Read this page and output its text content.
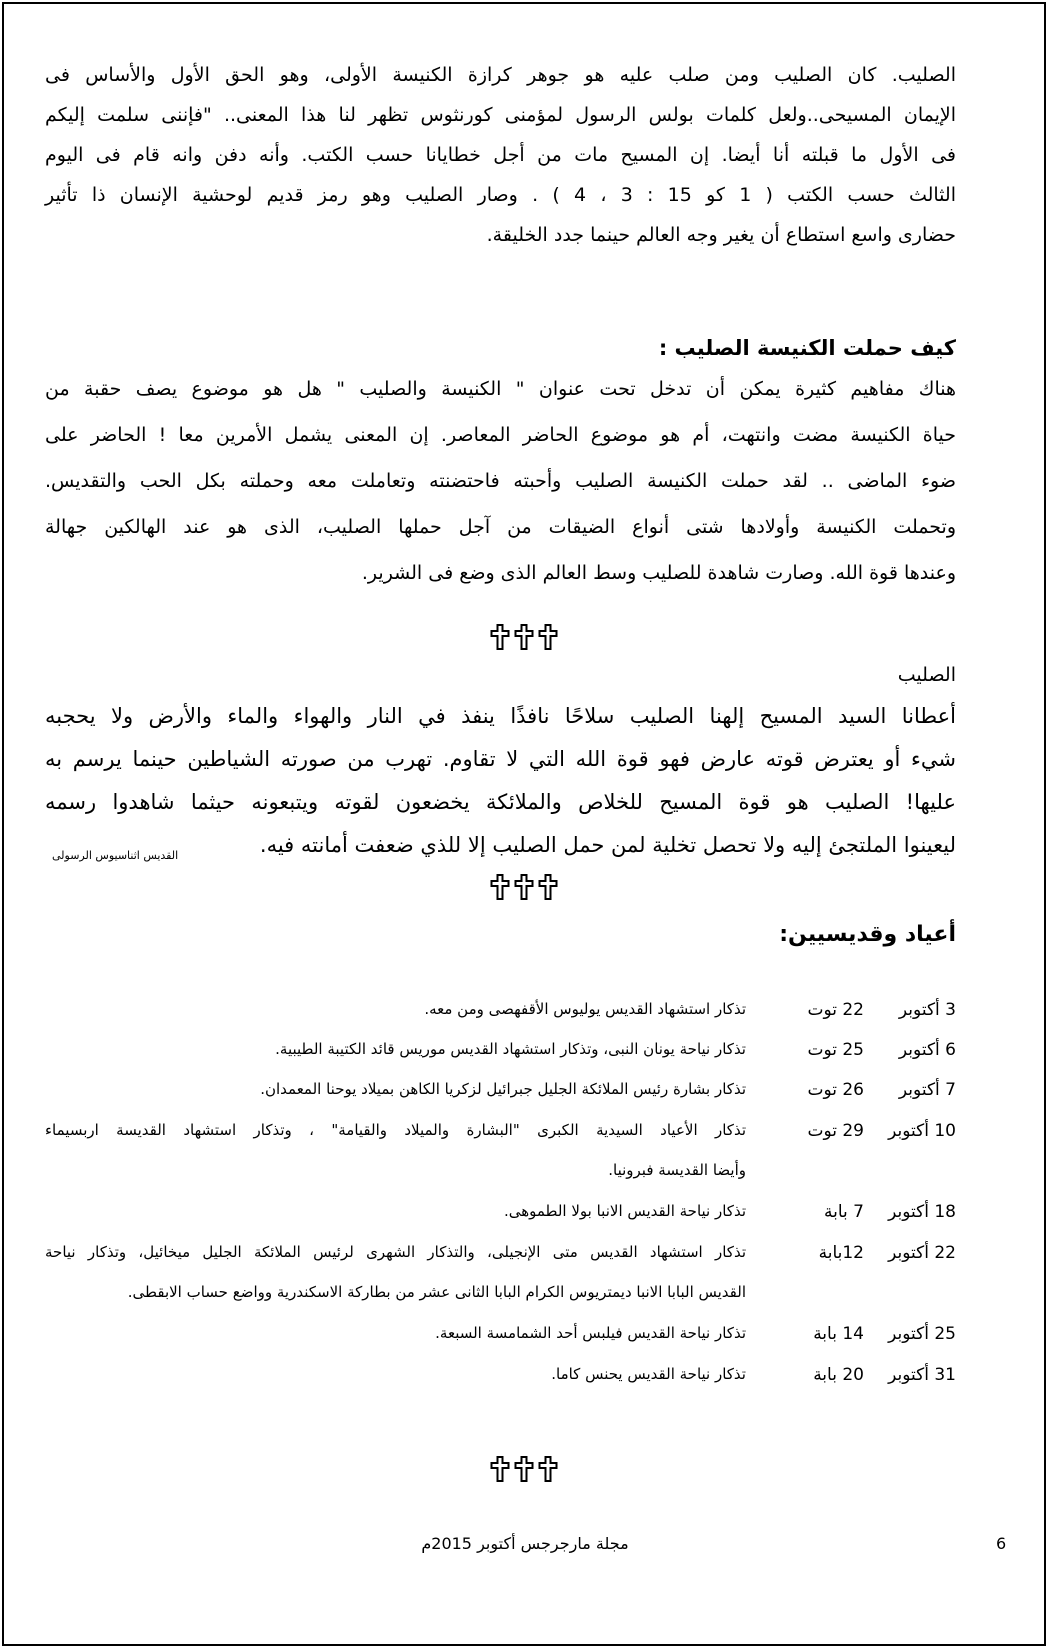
الصليب. كان الصليب ومن صلب عليه هو جوهر كرازة الكنيسة الأولى، وهو الحق الأول والأساس فى
الإيمان المسيحى..ولعل كلمات بولس الرسول لمؤمنى كورنثوس تظهر لنا هذا المعنى.. "فإننى سلمت إليكم
فى الأول ما قبلته أنا أيضا. إن المسيح مات من أجل خطايانا حسب الكتب. وأنه دفن وانه قام فى اليوم
الثالث حسب الكتب ( 1 كو 15 : 3 ، 4 ) . وصار الصليب وهو رمز قديم لوحشية الإنسان ذا تأثير
حضارى واسع استطاع أن يغير وجه العالم حينما جدد الخليقة.
كيف حملت الكنيسة الصليب :
هناك مفاهيم كثيرة يمكن أن تدخل تحت عنوان " الكنيسة والصليب " هل هو موضوع يصف حقبة من
حياة الكنيسة مضت وانتهت، أم هو موضوع الحاضر المعاصر. إن المعنى يشمل الأمرين معا ! الحاضر على
ضوء الماضى .. لقد حملت الكنيسة الصليب وأحبته فاحتضنته وتعاملت معه وحملته بكل الحب والتقديس.
وتحملت الكنيسة وأولادها شتى أنواع الضيقات من آجل حملها الصليب، الذى هو عند الهالكين جهالة
وعندها قوة الله. وصارت شاهدة للصليب وسط العالم الذى وضع فى الشرير.
الصليب
أعطانا السيد المسيح إلهنا الصليب سلاحًا نافذًا ينفذ في النار والهواء والماء والأرض ولا يحجبه
شيء أو يعترض قوته عارض فهو قوة الله التي لا تقاوم. تهرب من صورته الشياطين حينما يرسم به
عليها! الصليب هو قوة المسيح للخلاص والملائكة يخضعون لقوته ويتبعونه حيثما شاهدوا رسمه
ليعينوا الملتجئ إليه ولا تحصل تخلية لمن حمل الصليب إلا للذي ضعفت أمانته فيه.
القديس اثناسيوس الرسولى
أعياد وقديسيين:
3 أكتوبر
22 توت
تذكار استشهاد القديس يوليوس الأقفهصى ومن معه.
6 أكتوبر
25 توت
تذكار نياحة يونان النبى، وتذكار استشهاد القديس موريس قائد الكتيبة الطيبية.
7 أكتوبر
26 توت
تذكار بشارة رئيس الملائكة الجليل جبرائيل لزكريا الكاهن بميلاد يوحنا المعمدان.
10 أكتوبر
29 توت
تذكار الأعياد السيدية الكبرى "البشارة والميلاد والقيامة" ، وتذكار استشهاد القديسة اربسيماء
وأيضا القديسة فبرونيا.
18 أكتوبر
7 بابة
تذكار نياحة القديس الانبا بولا الطموهى.
22 أكتوبر
12بابة
تذكار استشهاد القديس متى الإنجيلى، والتذكار الشهرى لرئيس الملائكة الجليل ميخائيل، وتذكار نياحة
القديس البابا الانبا ديمتريوس الكرام البابا الثانى عشر من بطاركة الاسكندرية وواضع حساب الابقطى.
25 أكتوبر
14 بابة
تذكار نياحة القديس فيلبس أحد الشمامسة السبعة.
31 أكتوبر
20 بابة
تذكار نياحة القديس يحنس كاما.
6
مجلة مارجرجس أكتوبر 2015م
